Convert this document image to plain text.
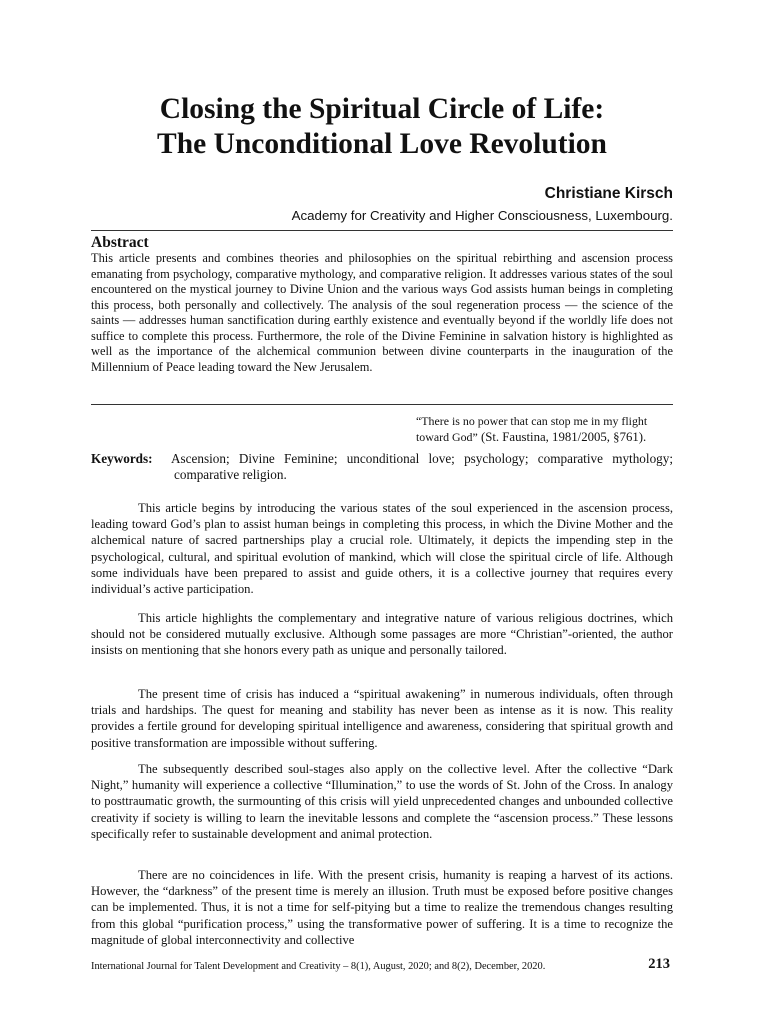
Closing the Spiritual Circle of Life:
The Unconditional Love Revolution
Christiane Kirsch
Academy for Creativity and Higher Consciousness, Luxembourg.
Abstract
This article presents and combines theories and philosophies on the spiritual rebirthing and ascension process emanating from psychology, comparative mythology, and comparative religion. It addresses various states of the soul encountered on the mystical journey to Divine Union and the various ways God assists human beings in completing this process, both personally and collectively. The analysis of the soul regeneration process — the science of the saints — addresses human sanctification during earthly existence and eventually beyond if the worldly life does not suffice to complete this process. Furthermore, the role of the Divine Feminine in salvation history is highlighted as well as the importance of the alchemical communion between divine counterparts in the inauguration of the Millennium of Peace leading toward the New Jerusalem.
“There is no power that can stop me in my flight
toward God” (St. Faustina, 1981/2005, §761).
Keywords: Ascension; Divine Feminine; unconditional love; psychology; comparative mythology; comparative religion.

This article begins by introducing the various states of the soul experienced in the ascension process, leading toward God’s plan to assist human beings in completing this process, in which the Divine Mother and the alchemical nature of sacred partnerships play a crucial role. Ultimately, it depicts the impending step in the psychological, cultural, and spiritual evolution of mankind, which will close the spiritual circle of life. Although some individuals have been prepared to assist and guide others, it is a collective journey that requires every individual’s active participation.

This article highlights the complementary and integrative nature of various religious doctrines, which should not be considered mutually exclusive. Although some passages are more “Christian”-oriented, the author insists on mentioning that she honors every path as unique and personally tailored.

The present time of crisis has induced a “spiritual awakening” in numerous individuals, often through trials and hardships. The quest for meaning and stability has never been as intense as it is now. This reality provides a fertile ground for developing spiritual intelligence and awareness, considering that spiritual growth and positive transformation are impossible without suffering.

The subsequently described soul-stages also apply on the collective level. After the collective “Dark Night,” humanity will experience a collective “Illumination,” to use the words of St. John of the Cross. In analogy to posttraumatic growth, the surmounting of this crisis will yield unprecedented changes and unbounded collective creativity if society is willing to learn the inevitable lessons and complete the “ascension process.” These lessons specifically refer to sustainable development and animal protection.

There are no coincidences in life. With the present crisis, humanity is reaping a harvest of its actions. However, the “darkness” of the present time is merely an illusion. Truth must be exposed before positive changes can be implemented. Thus, it is not a time for self-pitying but a time to realize the tremendous changes resulting from this global “purification process,” using the transformative power of suffering. It is a time to recognize the magnitude of global interconnectivity and collective

International Journal for Talent Development and Creativity – 8(1), August, 2020; and 8(2), December, 2020.	213
